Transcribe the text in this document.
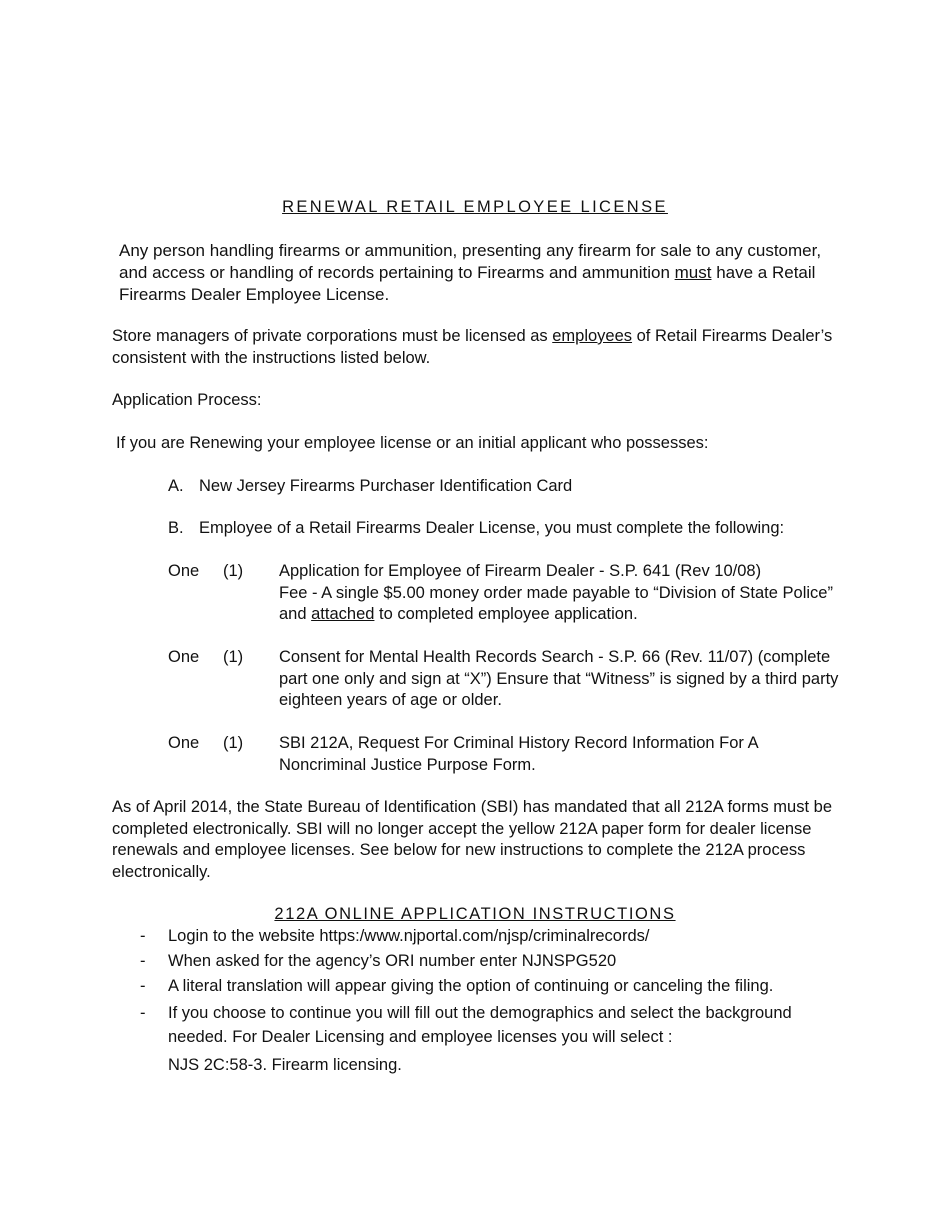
RENEWAL RETAIL EMPLOYEE LICENSE

Any person handling firearms or ammunition, presenting any firearm for sale to any customer, and access or handling of records pertaining to Firearms and ammunition must have a Retail Firearms Dealer Employee License.

Store managers of private corporations must be licensed as employees of Retail Firearms Dealer’s consistent with the instructions listed below.

Application Process:

If you are Renewing your employee license or an initial applicant who possesses:

A. New Jersey Firearms Purchaser Identification Card
B. Employee of a Retail Firearms Dealer License, you must complete the following:
One (1) Application for Employee of Firearm Dealer - S.P. 641 (Rev 10/08)
Fee - A single $5.00 money order made payable to “Division of State Police” and attached to completed employee application.
One (1) Consent for Mental Health Records Search - S.P. 66 (Rev. 11/07) (complete part one only and sign at “X”) Ensure that “Witness” is signed by a third party eighteen years of age or older.
One (1) SBI 212A, Request For Criminal History Record Information For A Noncriminal Justice Purpose Form.

As of April 2014, the State Bureau of Identification (SBI) has mandated that all 212A forms must be completed electronically. SBI will no longer accept the yellow 212A paper form for dealer license renewals and employee licenses. See below for new instructions to complete the 212A process electronically.

212A ONLINE APPLICATION INSTRUCTIONS
- Login to the website https:/www.njportal.com/njsp/criminalrecords/
- When asked for the agency’s ORI number enter NJNSPG520
- A literal translation will appear giving the option of continuing or canceling the filing.
- If you choose to continue you will fill out the demographics and select the background needed. For Dealer Licensing and employee licenses you will select :
NJS 2C:58-3. Firearm licensing.
